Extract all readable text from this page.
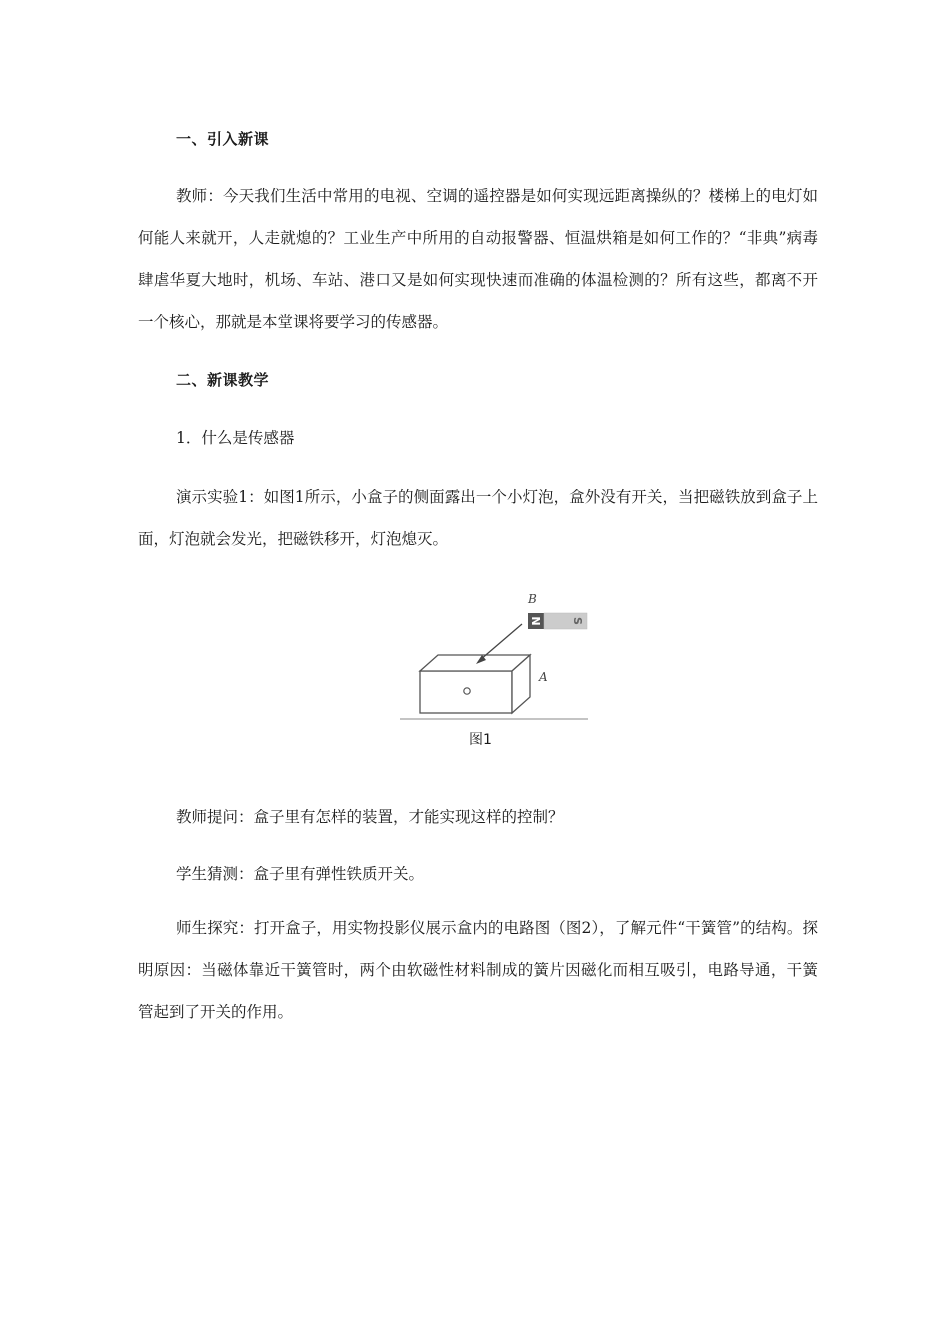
一、引入新课
教师：今天我们生活中常用的电视、空调的遥控器是如何实现远距离操纵的？楼梯上的电灯如何能人来就开，人走就熄的？工业生产中所用的自动报警器、恒温烘箱是如何工作的？“非典”病毒肆虐华夏大地时，机场、车站、港口又是如何实现快速而准确的体温检测的？所有这些，都离不开一个核心，那就是本堂课将要学习的传感器。
二、新课教学
1．什么是传感器
演示实验1：如图1所示，小盒子的侧面露出一个小灯泡，盒外没有开关，当把磁铁放到盒子上面，灯泡就会发光，把磁铁移开，灯泡熄灭。
N	S
B
A
图1
教师提问：盒子里有怎样的装置，才能实现这样的控制？
学生猜测：盒子里有弹性铁质开关。
师生探究：打开盒子，用实物投影仪展示盒内的电路图（图2），了解元件“干簧管”的结构。探明原因：当磁体靠近干簧管时，两个由软磁性材料制成的簧片因磁化而相互吸引，电路导通，干簧管起到了开关的作用。
